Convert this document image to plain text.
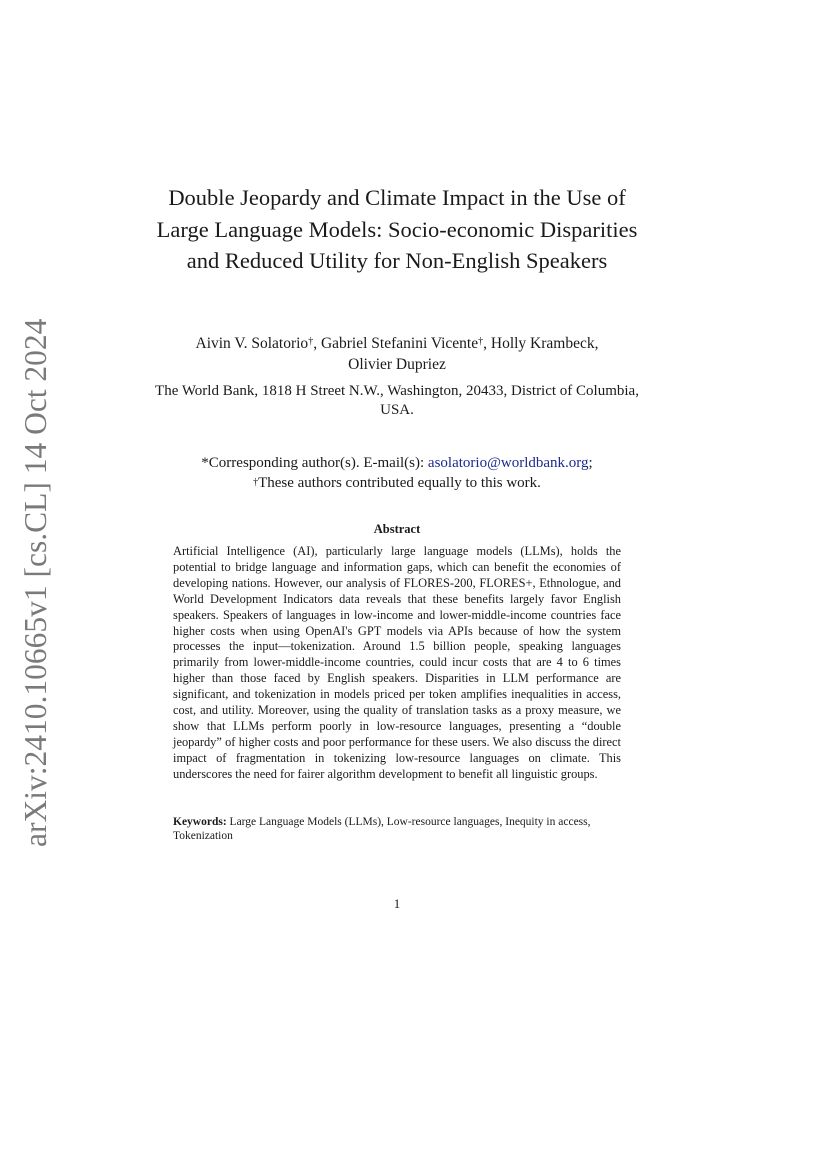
arXiv:2410.10665v1 [cs.CL] 14 Oct 2024
Double Jeopardy and Climate Impact in the Use of Large Language Models: Socio-economic Disparities and Reduced Utility for Non-English Speakers
Aivin V. Solatorio†, Gabriel Stefanini Vicente†, Holly Krambeck,
Olivier Dupriez
The World Bank, 1818 H Street N.W., Washington, 20433, District of Columbia, USA.
*Corresponding author(s). E-mail(s): asolatorio@worldbank.org;
†These authors contributed equally to this work.
Abstract
Artificial Intelligence (AI), particularly large language models (LLMs), holds the potential to bridge language and information gaps, which can benefit the economies of developing nations. However, our analysis of FLORES-200, FLORES+, Ethnologue, and World Development Indicators data reveals that these benefits largely favor English speakers. Speakers of languages in low-income and lower-middle-income countries face higher costs when using OpenAI's GPT models via APIs because of how the system processes the input—tokenization. Around 1.5 billion people, speaking languages primarily from lower-middle-income countries, could incur costs that are 4 to 6 times higher than those faced by English speakers. Disparities in LLM performance are significant, and tokenization in models priced per token amplifies inequalities in access, cost, and utility. Moreover, using the quality of translation tasks as a proxy measure, we show that LLMs perform poorly in low-resource languages, presenting a “double jeopardy” of higher costs and poor performance for these users. We also discuss the direct impact of fragmentation in tokenizing low-resource languages on climate. This underscores the need for fairer algorithm development to benefit all linguistic groups.
Keywords: Large Language Models (LLMs), Low-resource languages, Inequity in access, Tokenization
1
